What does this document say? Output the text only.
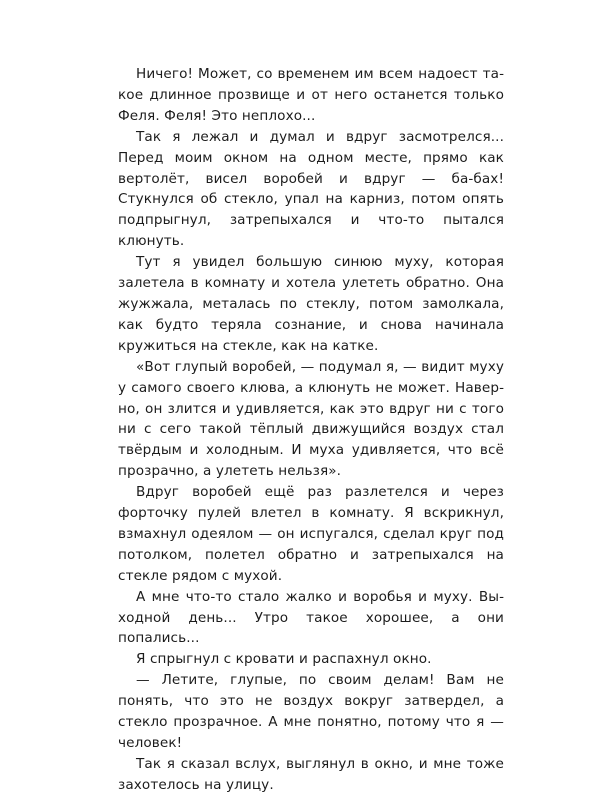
Ничего! Может, со временем им всем надоест такое длинное прозвище и от него останется только Феля. Феля! Это неплохо...

Так я лежал и думал и вдруг засмотрелся... Перед моим окном на одном месте, прямо как вертолёт, висел воробей и вдруг — ба-бах! Стукнулся об стекло, упал на карниз, потом опять подпрыгнул, затрепыхался и что-то пытался клюнуть.

Тут я увидел большую синюю муху, которая залетела в комнату и хотела улететь обратно. Она жужжала, металась по стеклу, потом замолкала, как будто теряла сознание, и снова начинала кружиться на стекле, как на катке.

«Вот глупый воробей, — подумал я, — видит муху у самого своего клюва, а клюнуть не может. Наверно, он злится и удивляется, как это вдруг ни с того ни с сего такой тёплый движущийся воздух стал твёрдым и холодным. И муха удивляется, что всё прозрачно, а улететь нельзя».

Вдруг воробей ещё раз разлетелся и через форточку пулей влетел в комнату. Я вскрикнул, взмахнул одеялом — он испугался, сделал круг под потолком, полетел обратно и затрепыхался на стекле рядом с мухой.

А мне что-то стало жалко и воробья и муху. Выходной день... Утро такое хорошее, а они попались...

Я спрыгнул с кровати и распахнул окно.

— Летите, глупые, по своим делам! Вам не понять, что это не воздух вокруг затвердел, а стекло прозрачное. А мне понятно, потому что я — человек!

Так я сказал вслух, выглянул в окно, и мне тоже захотелось на улицу.
